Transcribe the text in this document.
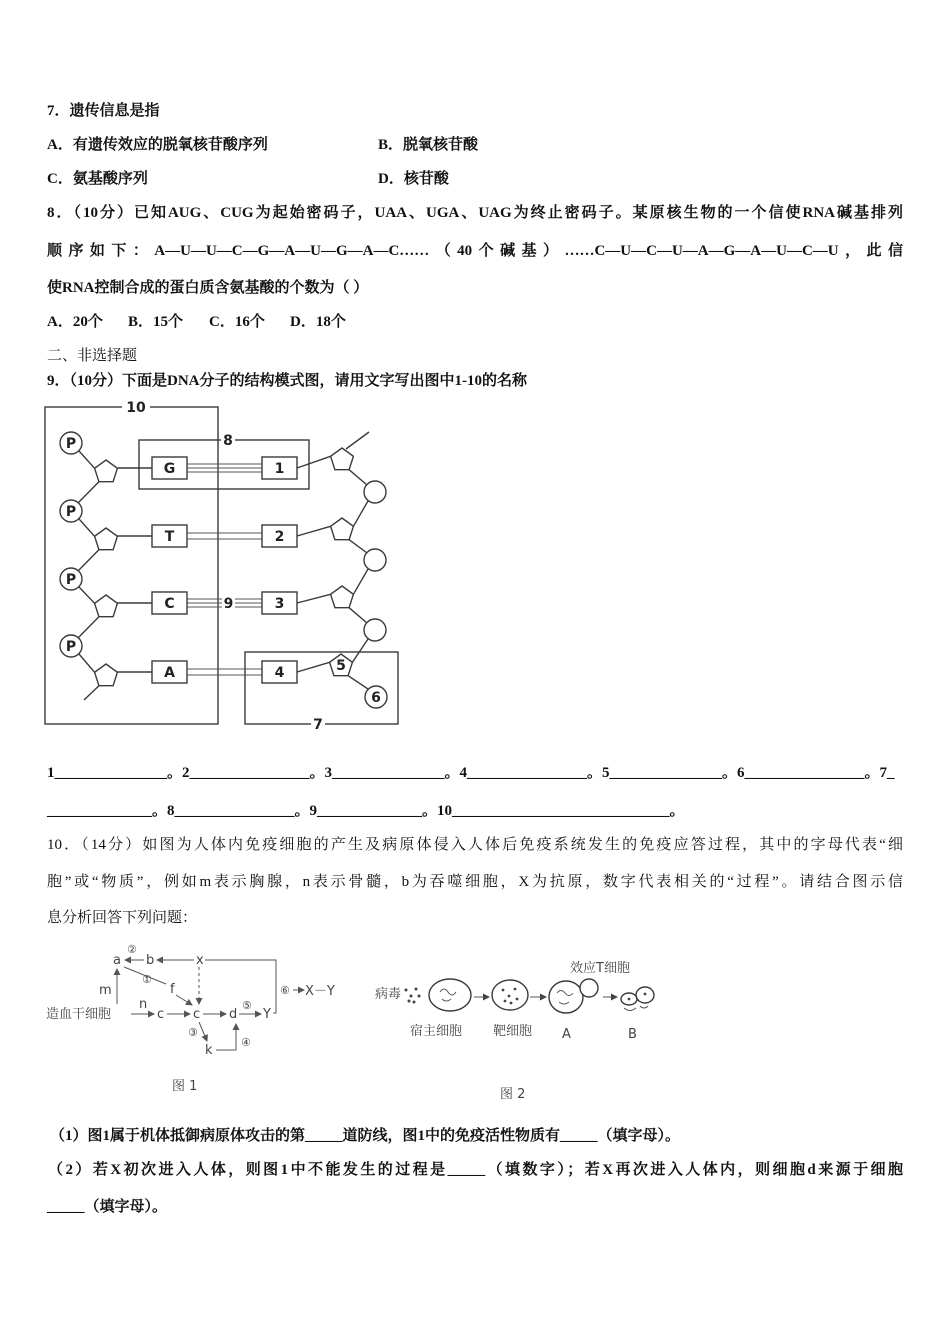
7．遗传信息是指
A．有遗传效应的脱氧核苷酸序列	B．脱氧核苷酸
C．氨基酸序列	D．核苷酸
8．（10分）已知AUG、CUG为起始密码子，UAA、UGA、UAG为终止密码子。某原核生物的一个信使RNA碱基排列
顺序如下：A—U—U—C—G—A—U—G—A—C……（40个碱基）……C—U—C—U—A—G—A—U—C—U，此信
使RNA控制合成的蛋白质含氨基酸的个数为（ ）
A．20个 B．15个 C．16个 D．18个
二、非选择题
9．（10分）下面是DNA分子的结构模式图，请用文字写出图中1-10的名称
10
8
7
P
P
P
P
9
G
T
C
A
1
2
3
4	5
6
1_______________。2________________。3_______________。4________________。5_______________。6________________。7_
______________。8________________。9______________。10_____________________________。
10．（14分）如图为人体内免疫细胞的产生及病原体侵入人体后免疫系统发生的免疫应答过程，其中的字母代表“细
胞”或“物质”，例如m表示胸腺，n表示骨髓，b为吞噬细胞，X为抗原，数字代表相关的“过程”。请结合图示信
息分析回答下列问题：
a
②
b	x
⑥ X－Y
①
f
m
造血干细胞
n
c c d
⑤
Y
③
k
④
图 1
病毒
宿主细胞 靶细胞
效应T细胞
A	B
图 2
（1）图1属于机体抵御病原体攻击的第_____道防线，图1中的免疫活性物质有_____（填字母）。
（2）若X初次进入人体，则图1中不能发生的过程是_____（填数字）；若X再次进入人体内，则细胞d来源于细胞
_____（填字母）。
